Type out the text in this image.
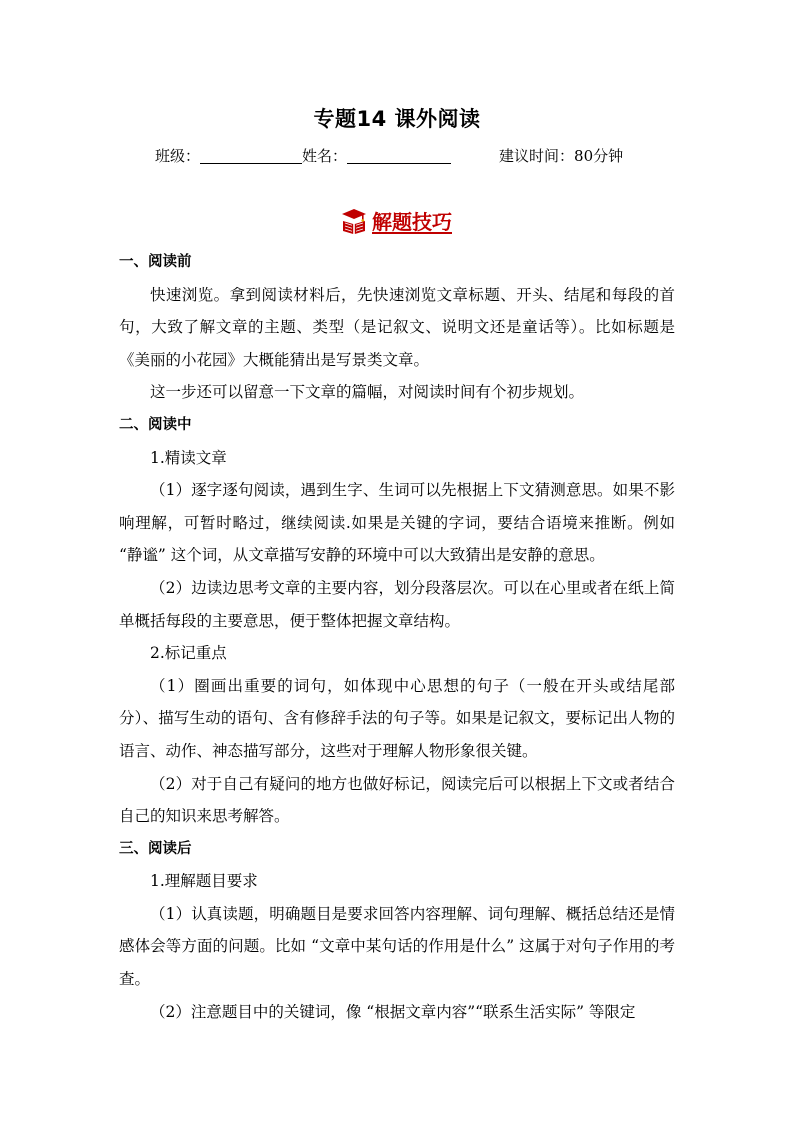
专题14 课外阅读
班级：	姓名：	建议时间：80分钟
解题技巧

一、阅读前

快速浏览。拿到阅读材料后，先快速浏览文章标题、开头、结尾和每段的首句，大致了解文章的主题、类型（是记叙文、说明文还是童话等）。比如标题是《美丽的小花园》大概能猜出是写景类文章。

这一步还可以留意一下文章的篇幅，对阅读时间有个初步规划。

二、阅读中

1.精读文章

（1）逐字逐句阅读，遇到生字、生词可以先根据上下文猜测意思。如果不影响理解，可暂时略过，继续阅读.如果是关键的字词，要结合语境来推断。例如 “静谧” 这个词，从文章描写安静的环境中可以大致猜出是安静的意思。

（2）边读边思考文章的主要内容，划分段落层次。可以在心里或者在纸上简单概括每段的主要意思，便于整体把握文章结构。

2.标记重点

（1）圈画出重要的词句，如体现中心思想的句子（一般在开头或结尾部分）、描写生动的语句、含有修辞手法的句子等。如果是记叙文，要标记出人物的语言、动作、神态描写部分，这些对于理解人物形象很关键。

（2）对于自己有疑问的地方也做好标记，阅读完后可以根据上下文或者结合自己的知识来思考解答。

三、阅读后

1.理解题目要求

（1）认真读题，明确题目是要求回答内容理解、词句理解、概括总结还是情感体会等方面的问题。比如 “文章中某句话的作用是什么” 这属于对句子作用的考查。

（2）注意题目中的关键词，像 “根据文章内容”“联系生活实际” 等限定
